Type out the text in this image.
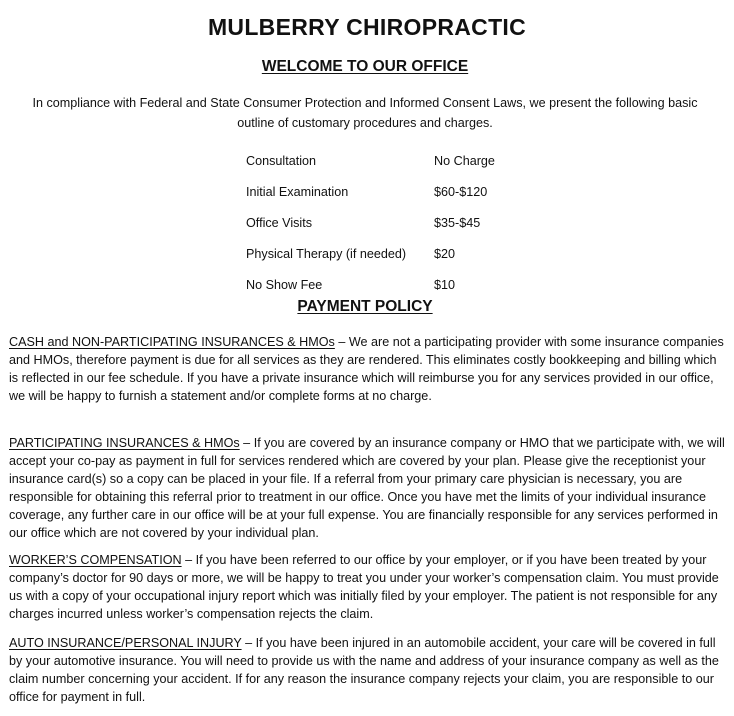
MULBERRY CHIROPRACTIC
WELCOME TO OUR OFFICE

In compliance with Federal and State Consumer Protection and Informed Consent Laws, we present the following basic outline of customary procedures and charges.

Consultation	No Charge
Initial Examination	$60-$120
Office Visits	$35-$45
Physical Therapy (if needed)	$20
No Show Fee	$10
PAYMENT POLICY

CASH and NON-PARTICIPATING INSURANCES & HMOs – We are not a participating provider with some insurance companies and HMOs, therefore payment is due for all services as they are rendered. This eliminates costly bookkeeping and billing which is reflected in our fee schedule. If you have a private insurance which will reimburse you for any services provided in our office, we will be happy to furnish a statement and/or complete forms at no charge.

PARTICIPATING INSURANCES & HMOs – If you are covered by an insurance company or HMO that we participate with, we will accept your co-pay as payment in full for services rendered which are covered by your plan. Please give the receptionist your insurance card(s) so a copy can be placed in your file. If a referral from your primary care physician is necessary, you are responsible for obtaining this referral prior to treatment in our office. Once you have met the limits of your individual insurance coverage, any further care in our office will be at your full expense. You are financially responsible for any services performed in our office which are not covered by your individual plan.

WORKER’S COMPENSATION – If you have been referred to our office by your employer, or if you have been treated by your company’s doctor for 90 days or more, we will be happy to treat you under your worker’s compensation claim. You must provide us with a copy of your occupational injury report which was initially filed by your employer. The patient is not responsible for any charges incurred unless worker’s compensation rejects the claim.

AUTO INSURANCE/PERSONAL INJURY – If you have been injured in an automobile accident, your care will be covered in full by your automotive insurance. You will need to provide us with the name and address of your insurance company as well as the claim number concerning your accident. If for any reason the insurance company rejects your claim, you are responsible to our office for payment in full.
